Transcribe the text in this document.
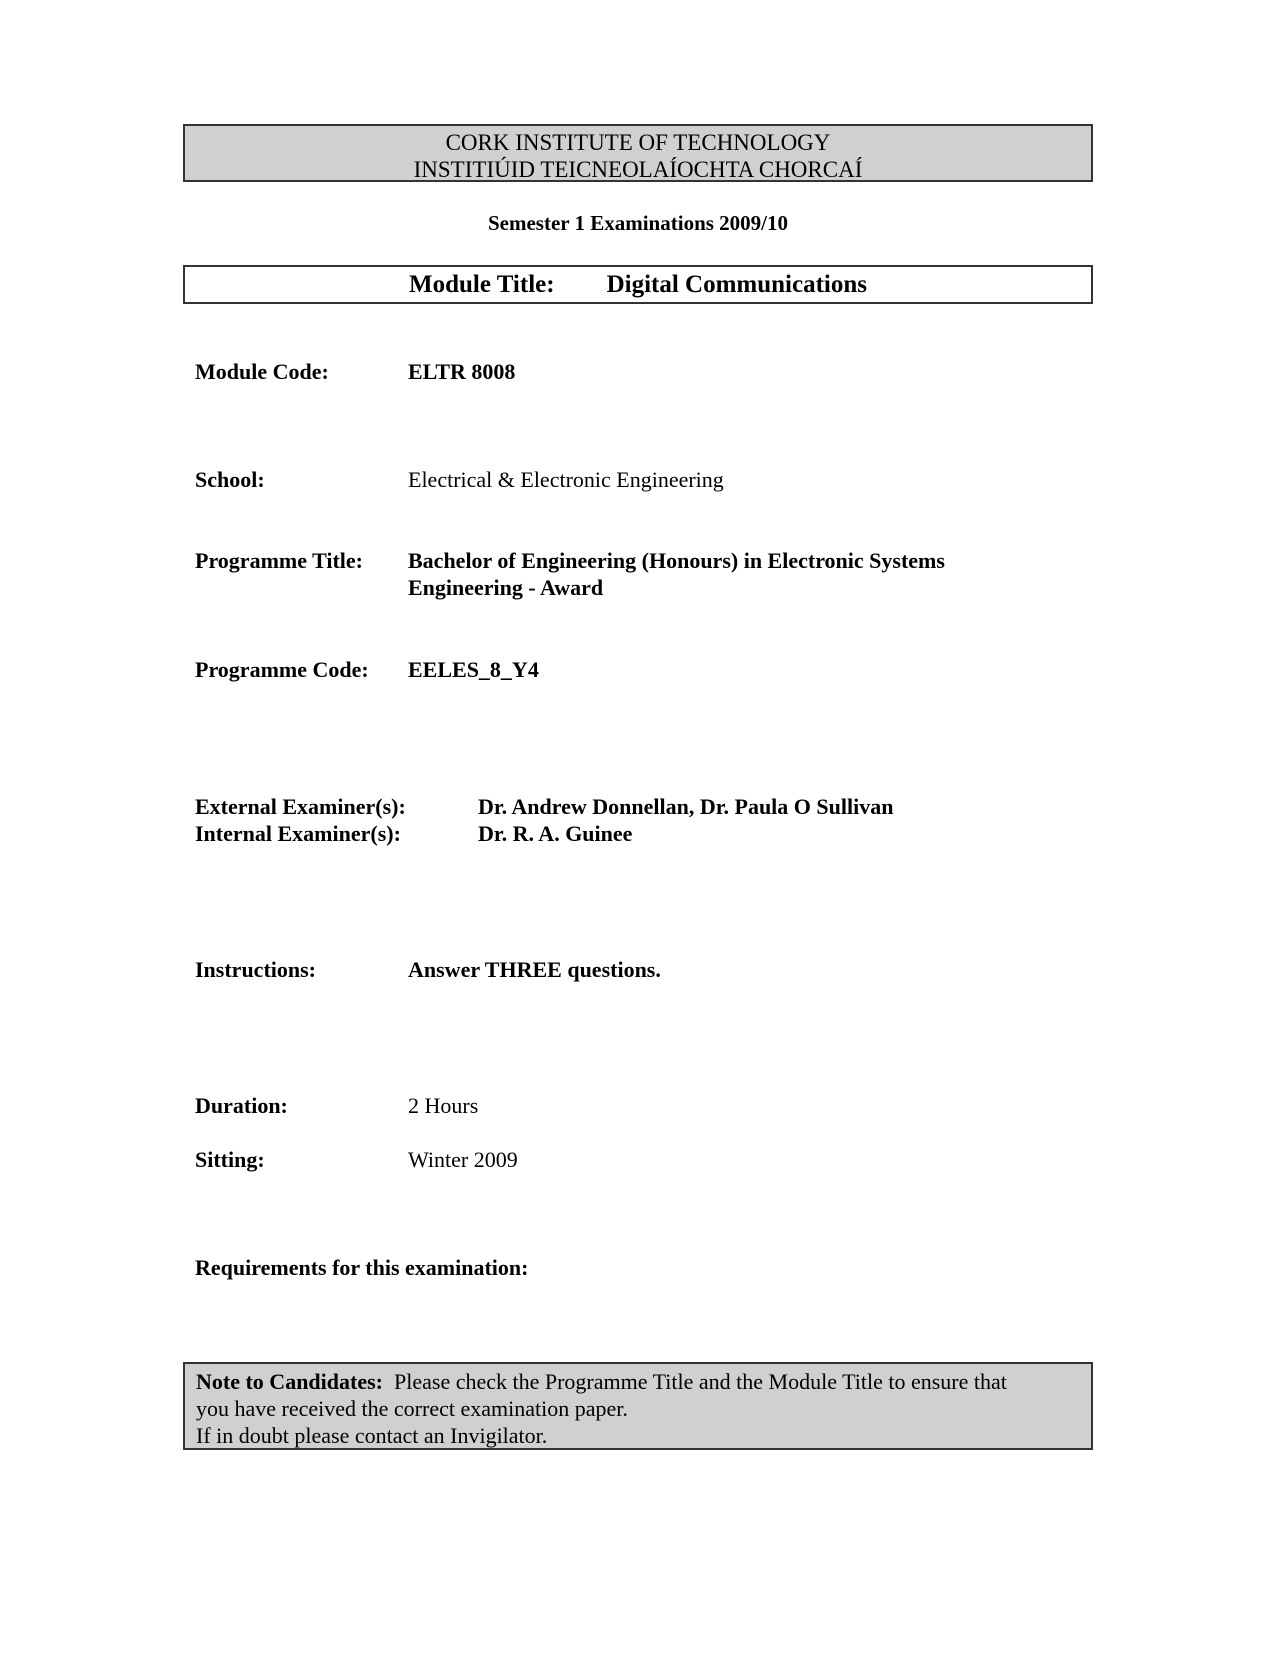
CORK INSTITUTE OF TECHNOLOGY
INSTITIÚID TEICNEOLAÍOCHTA CHORCAÍ
Semester 1 Examinations 2009/10
Module Title: Digital Communications
Module Code:	ELTR 8008
School:	Electrical & Electronic Engineering
Programme Title: Bachelor of Engineering (Honours) in Electronic Systems
Engineering - Award
Programme Code: EELES_8_Y4
External Examiner(s):	Dr. Andrew Donnellan, Dr. Paula O Sullivan
Internal Examiner(s):	Dr. R. A. Guinee
Instructions:	Answer THREE questions.
Duration:	2 Hours
Sitting:	Winter 2009
Requirements for this examination:
Note to Candidates: Please check the Programme Title and the Module Title to ensure that
you have received the correct examination paper.
If in doubt please contact an Invigilator.
